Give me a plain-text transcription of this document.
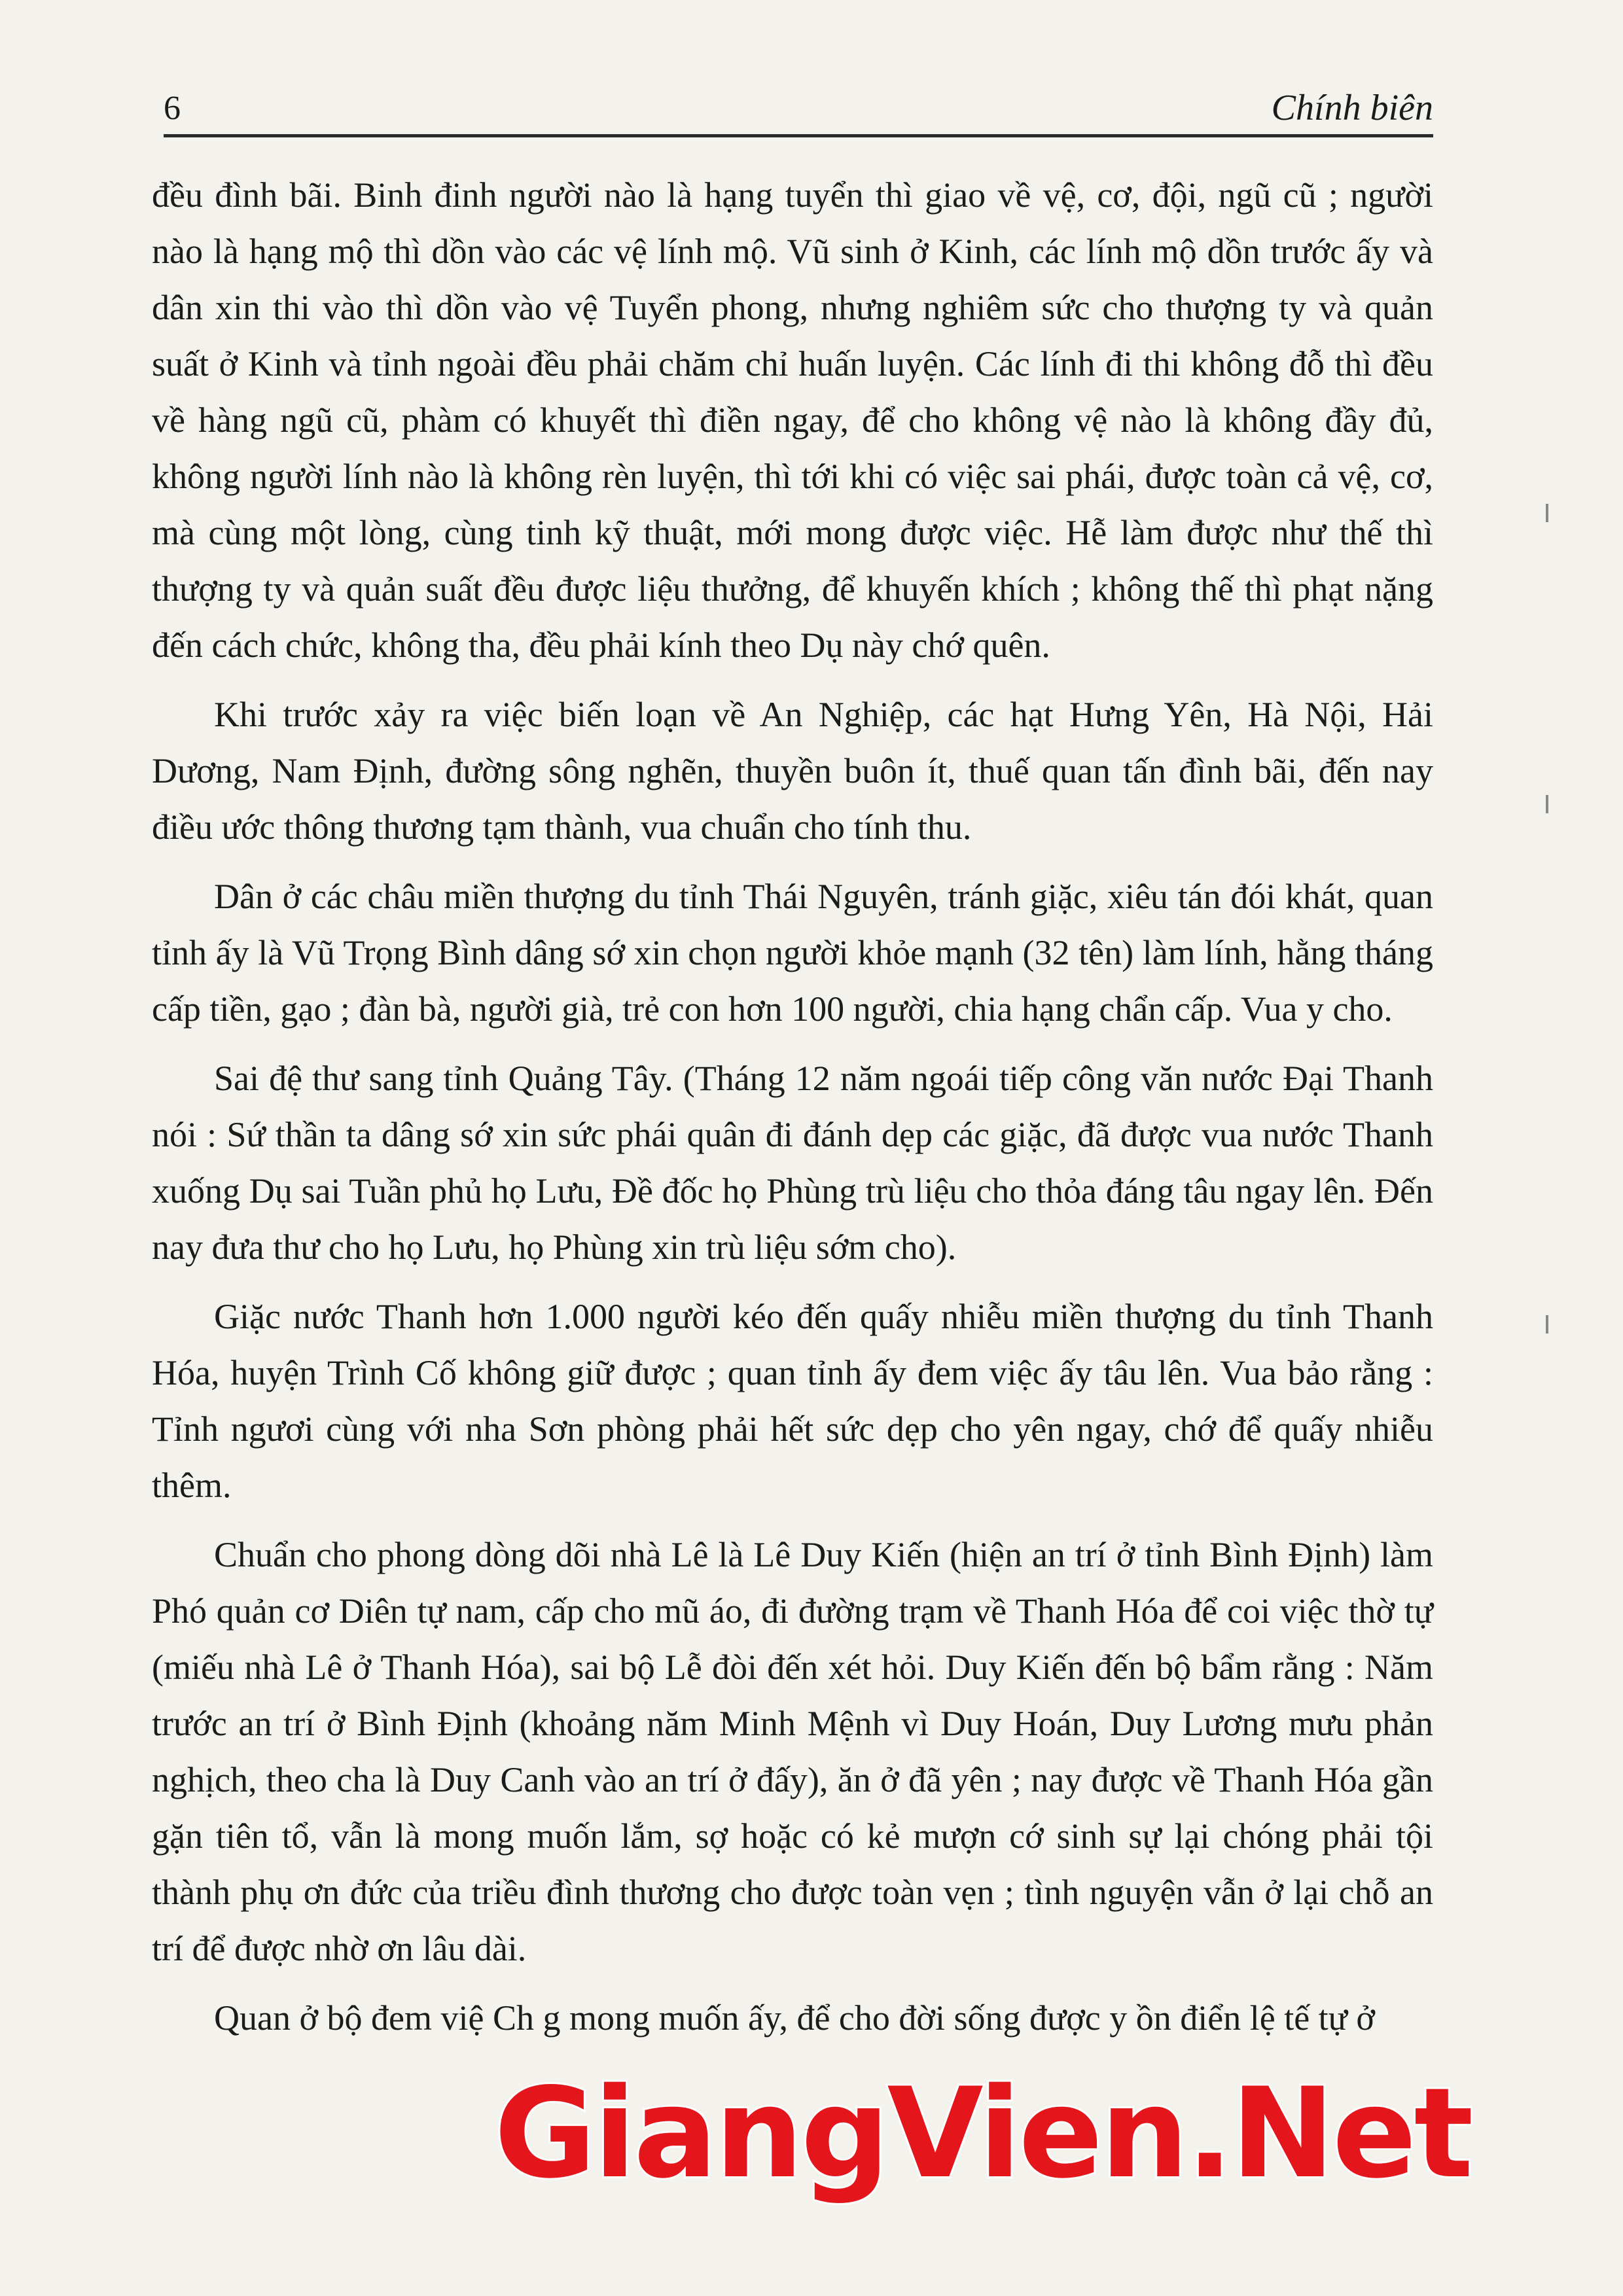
6	Chính biên

đều đình bãi. Binh đinh người nào là hạng tuyển thì giao về vệ, cơ, đội, ngũ cũ ; người nào là hạng mộ thì dồn vào các vệ lính mộ. Vũ sinh ở Kinh, các lính mộ dồn trước ấy và dân xin thi vào thì dồn vào vệ Tuyển phong, nhưng nghiêm sức cho thượng ty và quản suất ở Kinh và tỉnh ngoài đều phải chăm chỉ huấn luyện. Các lính đi thi không đỗ thì đều về hàng ngũ cũ, phàm có khuyết thì điền ngay, để cho không vệ nào là không đầy đủ, không người lính nào là không rèn luyện, thì tới khi có việc sai phái, được toàn cả vệ, cơ, mà cùng một lòng, cùng tinh kỹ thuật, mới mong được việc. Hễ làm được như thế thì thượng ty và quản suất đều được liệu thưởng, để khuyến khích ; không thế thì phạt nặng đến cách chức, không tha, đều phải kính theo Dụ này chớ quên.

Khi trước xảy ra việc biến loạn về An Nghiệp, các hạt Hưng Yên, Hà Nội, Hải Dương, Nam Định, đường sông nghẽn, thuyền buôn ít, thuế quan tấn đình bãi, đến nay điều ước thông thương tạm thành, vua chuẩn cho tính thu.

Dân ở các châu miền thượng du tỉnh Thái Nguyên, tránh giặc, xiêu tán đói khát, quan tỉnh ấy là Vũ Trọng Bình dâng sớ xin chọn người khỏe mạnh (32 tên) làm lính, hằng tháng cấp tiền, gạo ; đàn bà, người già, trẻ con hơn 100 người, chia hạng chẩn cấp. Vua y cho.

Sai đệ thư sang tỉnh Quảng Tây. (Tháng 12 năm ngoái tiếp công văn nước Đại Thanh nói : Sứ thần ta dâng sớ xin sức phái quân đi đánh dẹp các giặc, đã được vua nước Thanh xuống Dụ sai Tuần phủ họ Lưu, Đề đốc họ Phùng trù liệu cho thỏa đáng tâu ngay lên. Đến nay đưa thư cho họ Lưu, họ Phùng xin trù liệu sớm cho).

Giặc nước Thanh hơn 1.000 người kéo đến quấy nhiễu miền thượng du tỉnh Thanh Hóa, huyện Trình Cố không giữ được ; quan tỉnh ấy đem việc ấy tâu lên. Vua bảo rằng : Tỉnh ngươi cùng với nha Sơn phòng phải hết sức dẹp cho yên ngay, chớ để quấy nhiễu thêm.

Chuẩn cho phong dòng dõi nhà Lê là Lê Duy Kiến (hiện an trí ở tỉnh Bình Định) làm Phó quản cơ Diên tự nam, cấp cho mũ áo, đi đường trạm về Thanh Hóa để coi việc thờ tự (miếu nhà Lê ở Thanh Hóa), sai bộ Lễ đòi đến xét hỏi. Duy Kiến đến bộ bẩm rằng : Năm trước an trí ở Bình Định (khoảng năm Minh Mệnh vì Duy Hoán, Duy Lương mưu phản nghịch, theo cha là Duy Canh vào an trí ở đấy), ăn ở đã yên ; nay được về Thanh Hóa gần gặn tiên tổ, vẫn là mong muốn lắm, sợ hoặc có kẻ mượn cớ sinh sự lại chóng phải tội thành phụ ơn đức của triều đình thương cho được toàn vẹn ; tình nguyện vẫn ở lại chỗ an trí để được nhờ ơn lâu dài.

Quan ở bộ đem việ Ch g mong muốn ấy, để cho đời sống được y ồn điển lệ tế tự ở

GiangVien.Net
